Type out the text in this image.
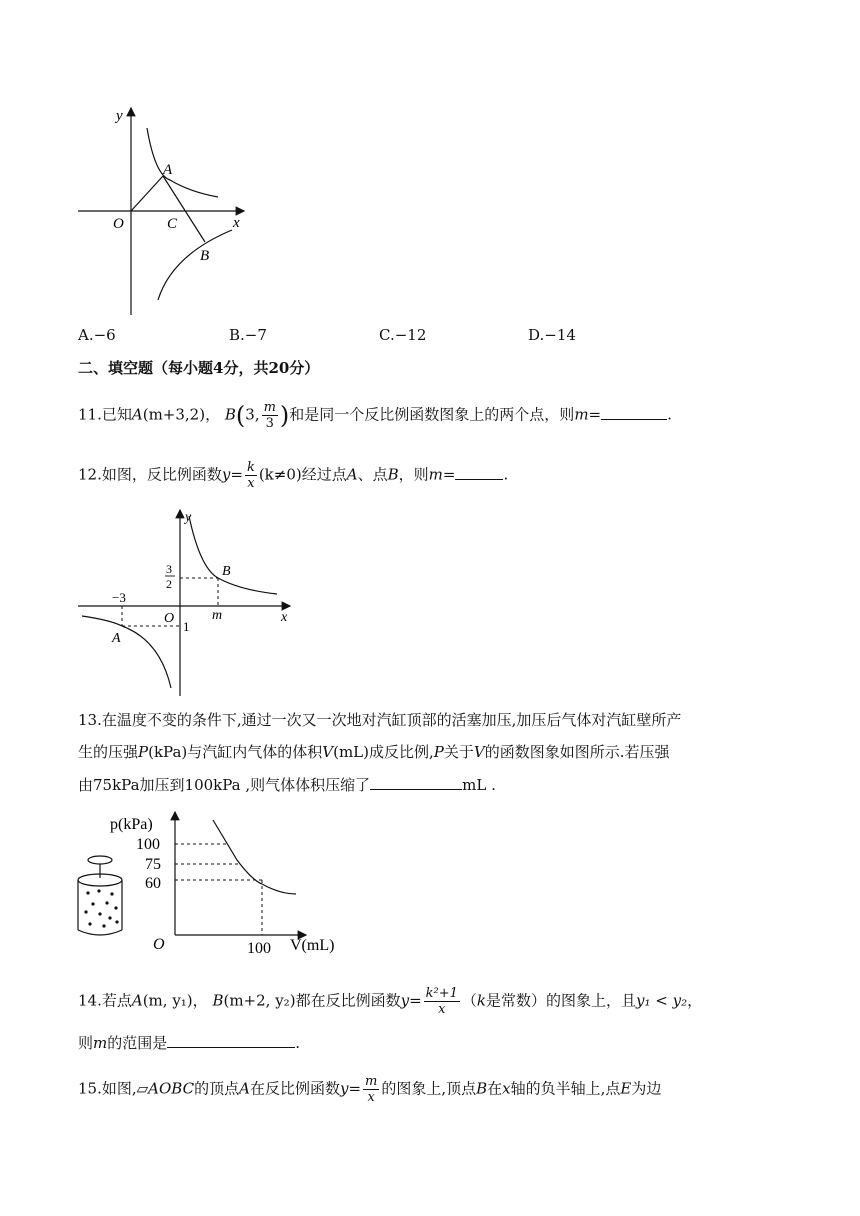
y
x
O
A
C
B
A.−6	B.−7	C.−12	D.−14
二、填空题（每小题4分，共20分）
11.已知A(m+3,2)， B(3, $\frac{m}{3}$ )和是同一个反比例函数图象上的两个点，则m=	.
12.如图，反比例函数$y= \frac{k}{x} (k\ne 0)$经过点A、点B，则m=	.
y
x
O
B
A
m
−3
1
3
2
13.在温度不变的条件下,通过一次又一次地对汽缸顶部的活塞加压,加压后气体对汽缸壁所产
生的压强P(kPa)与汽缸内气体的体积V(mL)成反比例,P关于V的函数图象如图所示.若压强
由75kPa加压到100kPa ,则气体体积压缩了	mL .
p(kPa)
V(mL)
O
100
75
60
100
14.若点A(m, y₁)， B(m+2, y₂)都在反比例函数$y= \frac{\text{k²+1}}{x} (k$是常数）的图象上，且y₁ < y₂，
则m的范围是	.
15.如图,▱AOBC的顶点A在反比例函数$y= \frac{m}{x}$ 的图象上,顶点B在x轴的负半轴上,点E为边
